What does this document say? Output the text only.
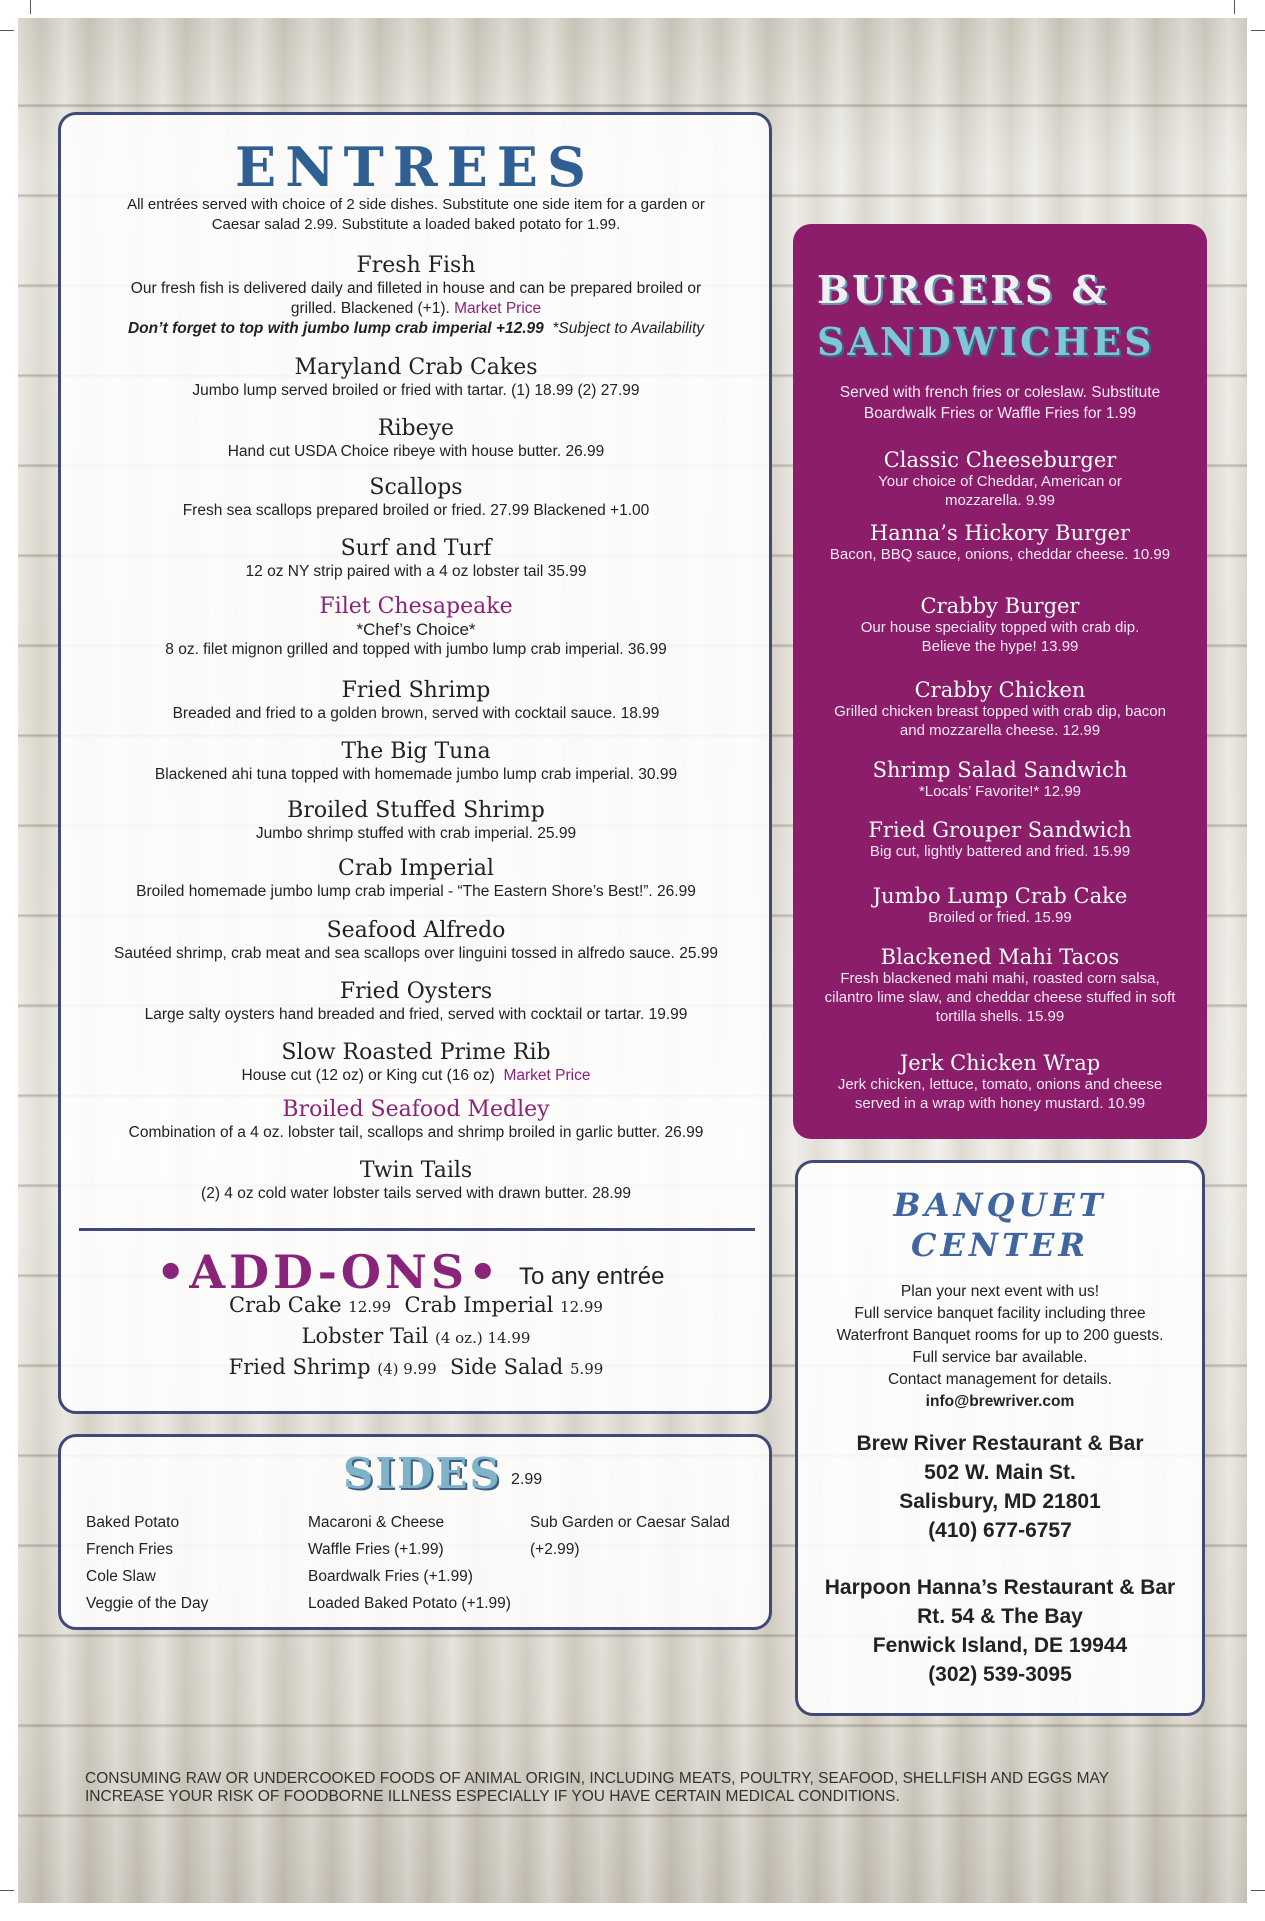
ENTREES
All entrées served with choice of 2 side dishes. Substitute one side item for a garden or Caesar salad 2.99. Substitute a loaded baked potato for 1.99.
Fresh Fish
Our fresh fish is delivered daily and filleted in house and can be prepared broiled or grilled. Blackened (+1). Market Price
Don’t forget to top with jumbo lump crab imperial +12.99 *Subject to Availability
Maryland Crab Cakes
Jumbo lump served broiled or fried with tartar. (1) 18.99 (2) 27.99
Ribeye
Hand cut USDA Choice ribeye with house butter. 26.99
Scallops
Fresh sea scallops prepared broiled or fried. 27.99 Blackened +1.00
Surf and Turf
12 oz NY strip paired with a 4 oz lobster tail 35.99
Filet Chesapeake
*Chef’s Choice*
8 oz. filet mignon grilled and topped with jumbo lump crab imperial. 36.99
Fried Shrimp
Breaded and fried to a golden brown, served with cocktail sauce. 18.99
The Big Tuna
Blackened ahi tuna topped with homemade jumbo lump crab imperial. 30.99
Broiled Stuffed Shrimp
Jumbo shrimp stuffed with crab imperial. 25.99
Crab Imperial
Broiled homemade jumbo lump crab imperial - “The Eastern Shore’s Best!”. 26.99
Seafood Alfredo
Sautéed shrimp, crab meat and sea scallops over linguini tossed in alfredo sauce. 25.99
Fried Oysters
Large salty oysters hand breaded and fried, served with cocktail or tartar. 19.99
Slow Roasted Prime Rib
House cut (12 oz) or King cut (16 oz) Market Price
Broiled Seafood Medley
Combination of a 4 oz. lobster tail, scallops and shrimp broiled in garlic butter. 26.99
Twin Tails
(2) 4 oz cold water lobster tails served with drawn butter. 28.99
•ADD-ONS• To any entrée
Crab Cake 12.99 Crab Imperial 12.99
Lobster Tail (4 oz.) 14.99
Fried Shrimp (4) 9.99 Side Salad 5.99
SIDES 2.99
Baked Potato
French Fries
Cole Slaw
Veggie of the Day
Macaroni & Cheese
Waffle Fries (+1.99)
Boardwalk Fries (+1.99)
Loaded Baked Potato (+1.99)
Sub Garden or Caesar Salad
(+2.99)
BURGERS &
SANDWICHES
Served with french fries or coleslaw. Substitute Boardwalk Fries or Waffle Fries for 1.99
Classic Cheeseburger
Your choice of Cheddar, American or mozzarella. 9.99
Hanna’s Hickory Burger
Bacon, BBQ sauce, onions, cheddar cheese. 10.99
Crabby Burger
Our house speciality topped with crab dip. Believe the hype! 13.99
Crabby Chicken
Grilled chicken breast topped with crab dip, bacon and mozzarella cheese. 12.99
Shrimp Salad Sandwich
*Locals’ Favorite!* 12.99
Fried Grouper Sandwich
Big cut, lightly battered and fried. 15.99
Jumbo Lump Crab Cake
Broiled or fried. 15.99
Blackened Mahi Tacos
Fresh blackened mahi mahi, roasted corn salsa, cilantro lime slaw, and cheddar cheese stuffed in soft tortilla shells. 15.99
Jerk Chicken Wrap
Jerk chicken, lettuce, tomato, onions and cheese served in a wrap with honey mustard. 10.99
BANQUET
CENTER
Plan your next event with us!
Full service banquet facility including three
Waterfront Banquet rooms for up to 200 guests.
Full service bar available.
Contact management for details.
info@brewriver.com
Brew River Restaurant & Bar
502 W. Main St.
Salisbury, MD 21801
(410) 677-6757
Harpoon Hanna’s Restaurant & Bar
Rt. 54 & The Bay
Fenwick Island, DE 19944
(302) 539-3095
CONSUMING RAW OR UNDERCOOKED FOODS OF ANIMAL ORIGIN, INCLUDING MEATS, POULTRY, SEAFOOD, SHELLFISH AND EGGS MAY
INCREASE YOUR RISK OF FOODBORNE ILLNESS ESPECIALLY IF YOU HAVE CERTAIN MEDICAL CONDITIONS.
